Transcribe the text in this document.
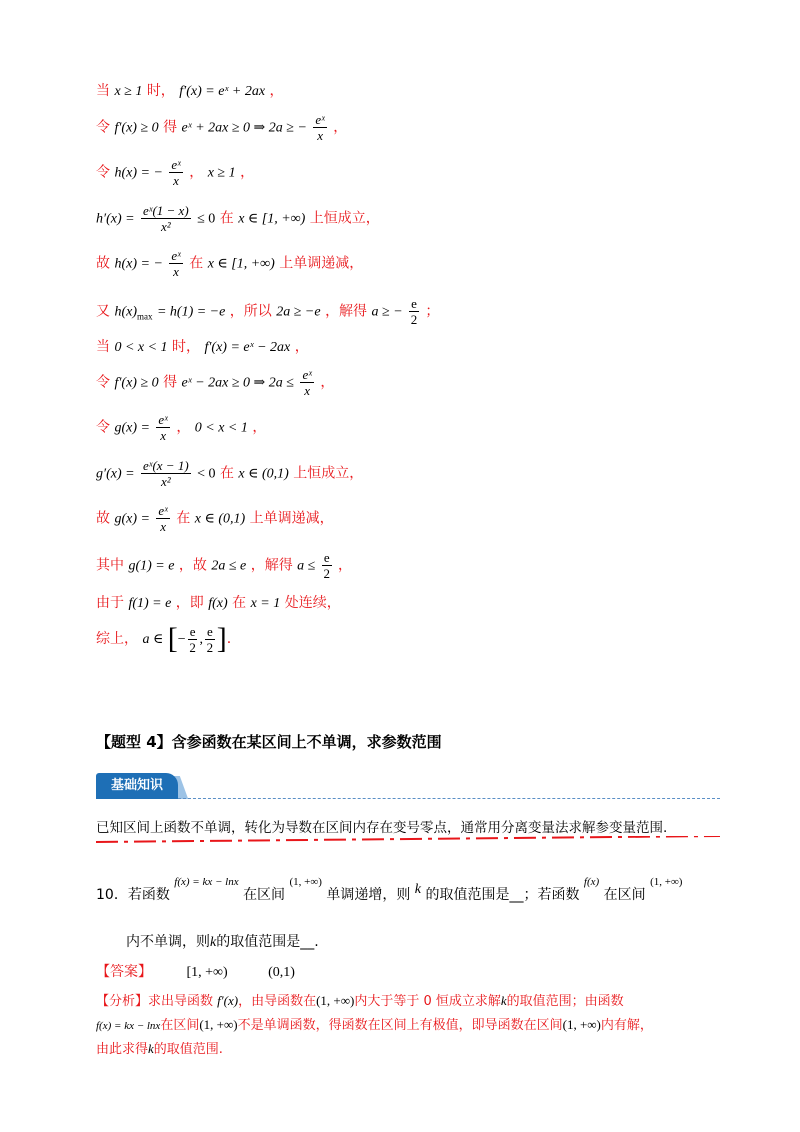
当 x ≥ 1 时， f′(x) = eˣ + 2ax ，
令 f′(x) ≥ 0 得 eˣ + 2ax ≥ 0 ⇒ 2a ≥ − $\frac{\text{eˣ}}{x}$ ，
令 h(x) = − $\frac{\text{eˣ}}{x}$ ， x ≥ 1 ，
$h'(x) = \frac{\text{eˣ(1 − x)}}{\text{x²}} \le 0$ 在 x ∈ [1, +∞) 上恒成立，
故 h(x) = − $\frac{\text{eˣ}}{x}$ 在 x ∈ [1, +∞) 上单调递减，
又 $h(x)_{max} = h(1) = -e$ ，所以 2a ≥ −e ，解得 a ≥ − $\frac{e}{2}$ ；
当 0 < x < 1 时， f′(x) = eˣ − 2ax ，
令 f′(x) ≥ 0 得 eˣ − 2ax ≥ 0 ⇒ $2a \le \frac{\text{eˣ}}{x}$ ，
令 $g(x) = \frac{\text{eˣ}}{x}$ ， 0 < x < 1 ，
$g'(x) = \frac{\text{eˣ(x − 1)}}{\text{x²}} < 0$ 在 x ∈ (0,1) 上恒成立，
故 $g(x) = \frac{\text{eˣ}}{x}$ 在 x ∈ (0,1) 上单调递减，
其中 g(1) = e ，故 2a ≤ e ，解得 $a \le \frac{e}{2}$ ，
由于 f(1) = e ，即 f(x) 在 x = 1 处连续，
综上， a ∈ [− $\frac{e}{2}$ , $\frac{e}{2}$ ].
【题型 4】含参函数在某区间上不单调，求参数范围
基础知识
已知区间上函数不单调，转化为导数在区间内存在变号零点，通常用分离变量法求解参变量范围.
10．若函数 $^{f(x) = kx - lnx}$ 在区间 $^{(1, +\infty)}$ 单调递增，则 k 的取值范围是__；若函数 $^{f(x)}$ 在区间 $^{(1, +\infty)}$
内不单调，则k的取值范围是__.
【答案】 [1, +∞)	(0,1)
【分析】求出导函数 f′(x)，由导函数在(1, +∞)内大于等于 0 恒成立求解k的取值范围；由函数
f(x) = kx − lnx在区间(1, +∞)不是单调函数，得函数在区间上有极值，即导函数在区间(1, +∞)内有解，
由此求得k的取值范围.
